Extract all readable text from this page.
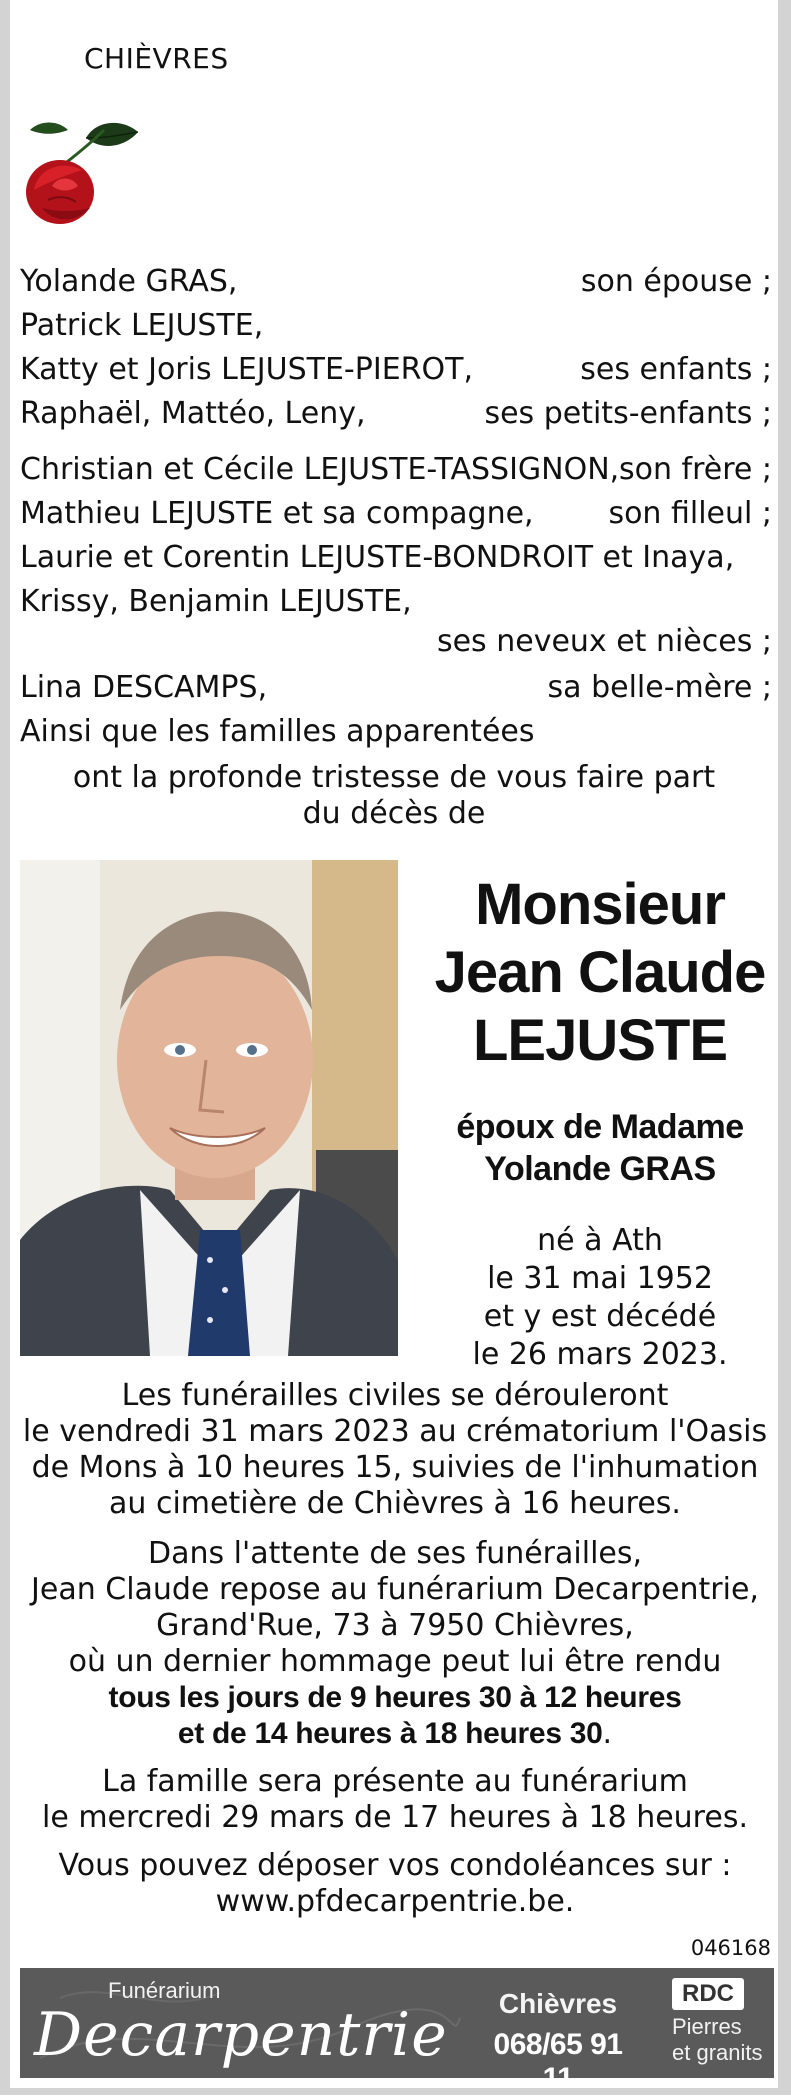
CHIÈVRES
Yolande GRAS,	son épouse ;
Patrick LEJUSTE,
Katty et Joris LEJUSTE-PIEROT,	ses enfants ;
Raphaël, Mattéo, Leny,	ses petits-enfants ;
Christian et Cécile LEJUSTE-TASSIGNON, son frère ;
Mathieu LEJUSTE et sa compagne, son filleul ;
Laurie et Corentin LEJUSTE-BONDROIT et Inaya,
Krissy, Benjamin LEJUSTE,
ses neveux et nièces ;
Lina DESCAMPS,	sa belle-mère ;
Ainsi que les familles apparentées
ont la profonde tristesse de vous faire part
du décès de
Monsieur
Jean Claude
LEJUSTE
époux de Madame
Yolande GRAS
né à Ath
le 31 mai 1952
et y est décédé
le 26 mars 2023.
Les funérailles civiles se dérouleront
le vendredi 31 mars 2023 au crématorium l'Oasis
de Mons à 10 heures 15, suivies de l'inhumation
au cimetière de Chièvres à 16 heures.
Dans l'attente de ses funérailles,
Jean Claude repose au funérarium Decarpentrie,
Grand'Rue, 73 à 7950 Chièvres,
où un dernier hommage peut lui être rendu
tous les jours de 9 heures 30 à 12 heures
et de 14 heures à 18 heures 30.
La famille sera présente au funérarium
le mercredi 29 mars de 17 heures à 18 heures.
Vous pouvez déposer vos condoléances sur :
www.pfdecarpentrie.be.
046168
Funérarium
Decarpentrie	Chièvres
068/65 91 11
RDC
Pierres
et granits
